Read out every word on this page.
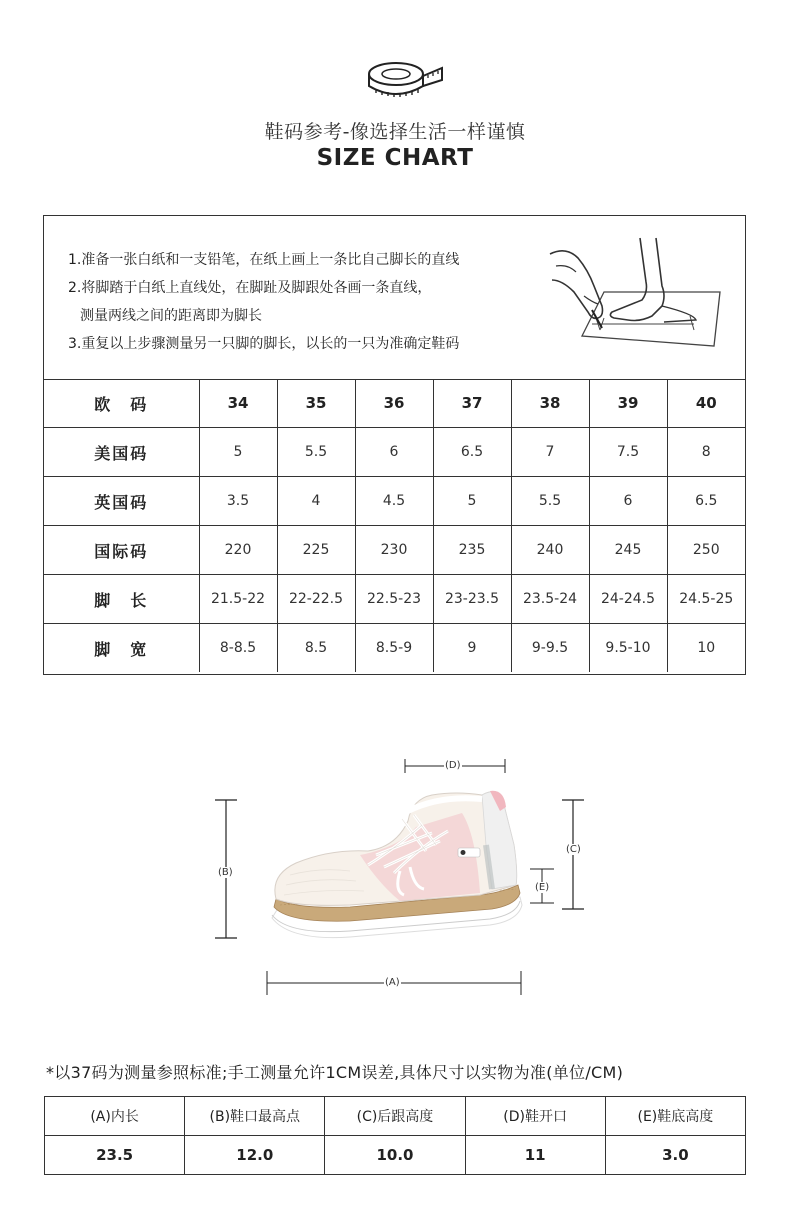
鞋码参考-像选择生活一样谨慎
SIZE CHART
1.准备一张白纸和一支铅笔，在纸上画上一条比自己脚长的直线
2.将脚踏于白纸上直线处，在脚趾及脚跟处各画一条直线，
测量两线之间的距离即为脚长
3.重复以上步骤测量另一只脚的脚长，以长的一只为准确定鞋码
欧　码	34	35	36	37	38	39	40
美国码	5	5.5	6	6.5	7	7.5	8
英国码	3.5	4	4.5	5	5.5	6	6.5
国际码	220	225	230	235	240	245	250
脚　长	21.5-22	22-22.5	22.5-23	23-23.5	23.5-24	24-24.5	24.5-25
脚　宽	8-8.5	8.5	8.5-9	9	9-9.5	9.5-10	10
(B)
(C)
(E)
(D)
(A)
*以37码为测量参照标准;手工测量允许1CM误差,具体尺寸以实物为准(单位/CM)
(A)内长	(B)鞋口最高点	(C)后跟高度	(D)鞋开口	(E)鞋底高度
23.5	12.0	10.0	11	3.0
